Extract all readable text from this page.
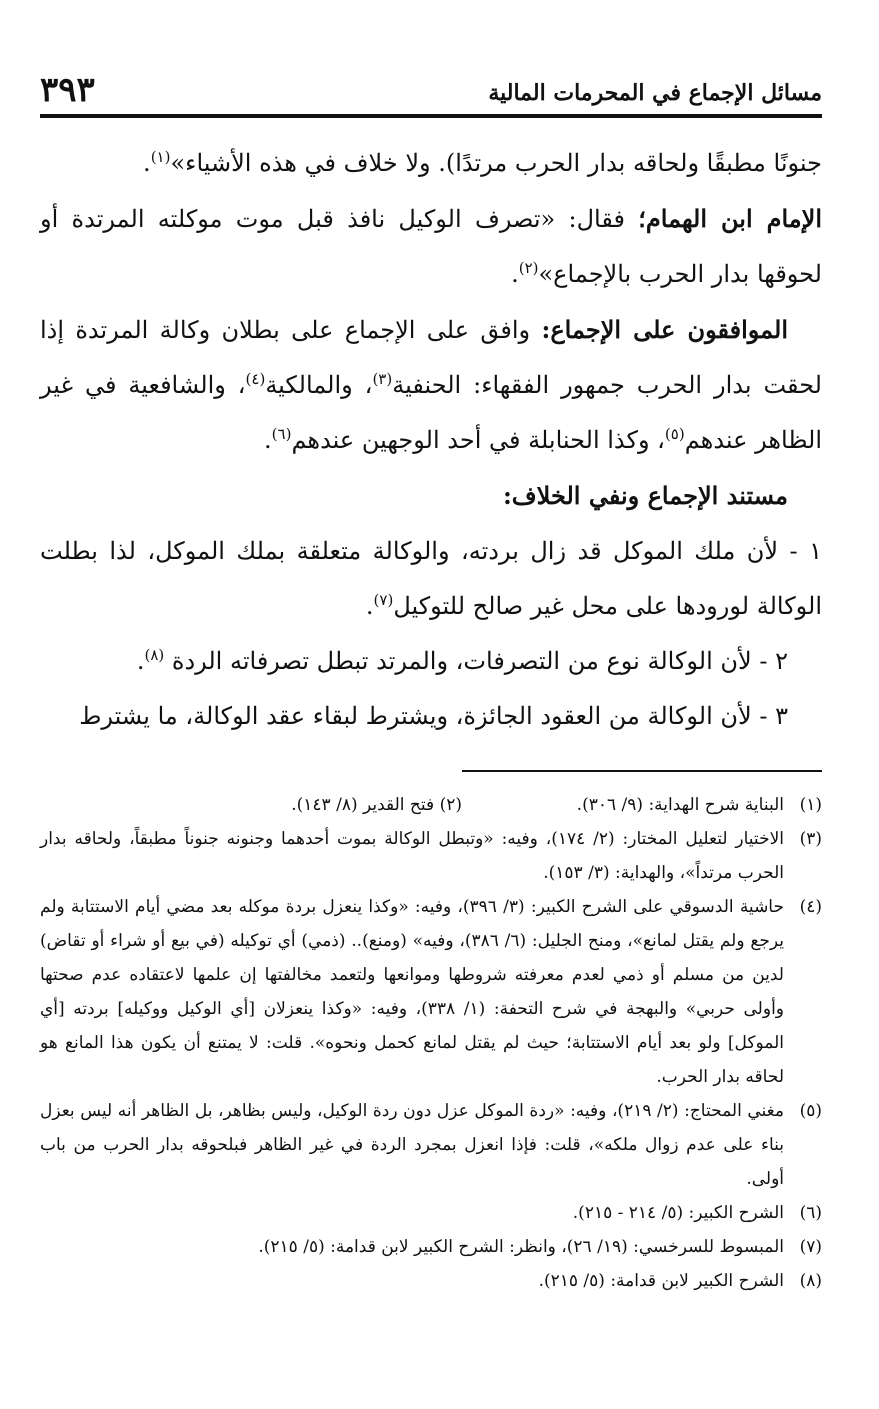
مسائل الإجماع في المحرمات المالية
٣٩٣

جنونًا مطبقًا ولحاقه بدار الحرب مرتدًا). ولا خلاف في هذه الأشياء»$^{(١)}$.

الإمام ابن الهمام؛ فقال: «تصرف الوكيل نافذ قبل موت موكلته المرتدة أو لحوقها بدار الحرب بالإجماع»$^{(٢)}$.

الموافقون على الإجماع: وافق على الإجماع على بطلان وكالة المرتدة إذا لحقت بدار الحرب جمهور الفقهاء: الحنفية$^{(٣)}$، والمالكية$^{(٤)}$، والشافعية في غير الظاهر عندهم$^{(٥)}$، وكذا الحنابلة في أحد الوجهين عندهم$^{(٦)}$.

مستند الإجماع ونفي الخلاف:

١ - لأن ملك الموكل قد زال بردته، والوكالة متعلقة بملك الموكل، لذا بطلت الوكالة لورودها على محل غير صالح للتوكيل$^{(٧)}$.

٢ - لأن الوكالة نوع من التصرفات، والمرتد تبطل تصرفاته الردة $^{(٨)}$.

٣ - لأن الوكالة من العقود الجائزة، ويشترط لبقاء عقد الوكالة، ما يشترط

(١)
البناية شرح الهداية: (٩/ ٣٠٦).
(٢) فتح القدير (٨/ ١٤٣).

(٣)
الاختيار لتعليل المختار: (٢/ ١٧٤)، وفيه: «وتبطل الوكالة بموت أحدهما وجنونه جنوناً مطبقاً، ولحاقه بدار الحرب مرتداً»، والهداية: (٣/ ١٥٣).

(٤)
حاشية الدسوقي على الشرح الكبير: (٣/ ٣٩٦)، وفيه: «وكذا ينعزل بردة موكله بعد مضي أيام الاستتابة ولم يرجع ولم يقتل لمانع»، ومنح الجليل: (٦/ ٣٨٦)، وفيه» (ومنع).. (ذمي) أي توكيله (في بيع أو شراء أو تقاض) لدين من مسلم أو ذمي لعدم معرفته شروطها وموانعها ولتعمد مخالفتها إن علمها لاعتقاده عدم صحتها وأولى حربي» والبهجة في شرح التحفة: (١/ ٣٣٨)، وفيه: «وكذا ينعزلان [أي الوكيل ووكيله] بردته [أي الموكل] ولو بعد أيام الاستتابة؛ حيث لم يقتل لمانع كحمل ونحوه». قلت: لا يمتنع أن يكون هذا المانع هو لحاقه بدار الحرب.

(٥)
مغني المحتاج: (٢/ ٢١٩)، وفيه: «ردة الموكل عزل دون ردة الوكيل، وليس بظاهر، بل الظاهر أنه ليس بعزل بناء على عدم زوال ملكه»، قلت: فإذا انعزل بمجرد الردة في غير الظاهر فبلحوقه بدار الحرب من باب أولى.

(٦)
الشرح الكبير: (٥/ ٢١٤ - ٢١٥).

(٧)
المبسوط للسرخسي: (١٩/ ٢٦)، وانظر: الشرح الكبير لابن قدامة: (٥/ ٢١٥).

(٨)
الشرح الكبير لابن قدامة: (٥/ ٢١٥).
